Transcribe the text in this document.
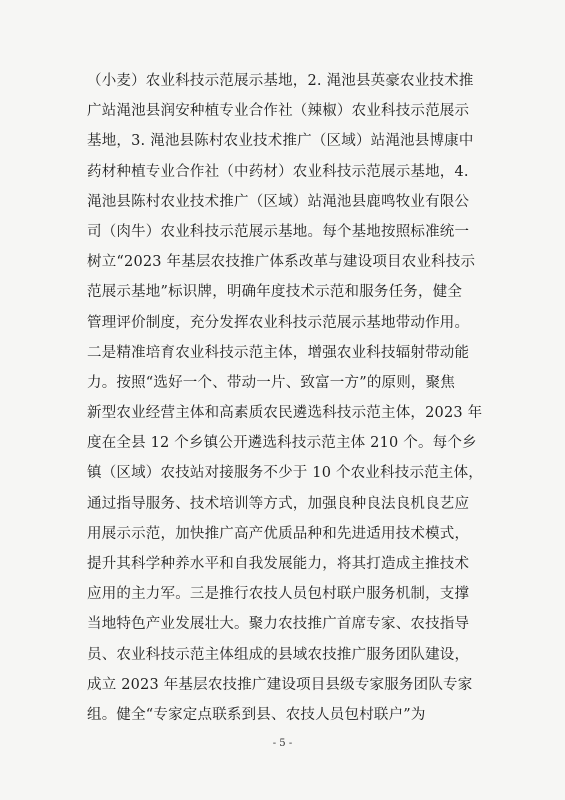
（小麦）农业科技示范展示基地，2. 渑池县英豪农业技术推
广站渑池县润安种植专业合作社（辣椒）农业科技示范展示
基地，3. 渑池县陈村农业技术推广（区域）站渑池县博康中
药材种植专业合作社（中药材）农业科技示范展示基地，4.
渑池县陈村农业技术推广（区域）站渑池县鹿鸣牧业有限公
司（肉牛）农业科技示范展示基地。每个基地按照标准统一
树立“2023 年基层农技推广体系改革与建设项目农业科技示
范展示基地”标识牌，明确年度技术示范和服务任务，健全
管理评价制度，充分发挥农业科技示范展示基地带动作用。
二是精准培育农业科技示范主体，增强农业科技辐射带动能
力。按照“选好一个、带动一片、致富一方”的原则，聚焦
新型农业经营主体和高素质农民遴选科技示范主体，2023 年
度在全县 12 个乡镇公开遴选科技示范主体 210 个。每个乡
镇（区域）农技站对接服务不少于 10 个农业科技示范主体，
通过指导服务、技术培训等方式，加强良种良法良机良艺应
用展示示范，加快推广高产优质品种和先进适用技术模式，
提升其科学种养水平和自我发展能力，将其打造成主推技术
应用的主力军。三是推行农技人员包村联户服务机制，支撑
当地特色产业发展壮大。聚力农技推广首席专家、农技指导
员、农业科技示范主体组成的县域农技推广服务团队建设，
成立 2023 年基层农技推广建设项目县级专家服务团队专家
组。健全“专家定点联系到县、农技人员包村联户”为
- 5 -
